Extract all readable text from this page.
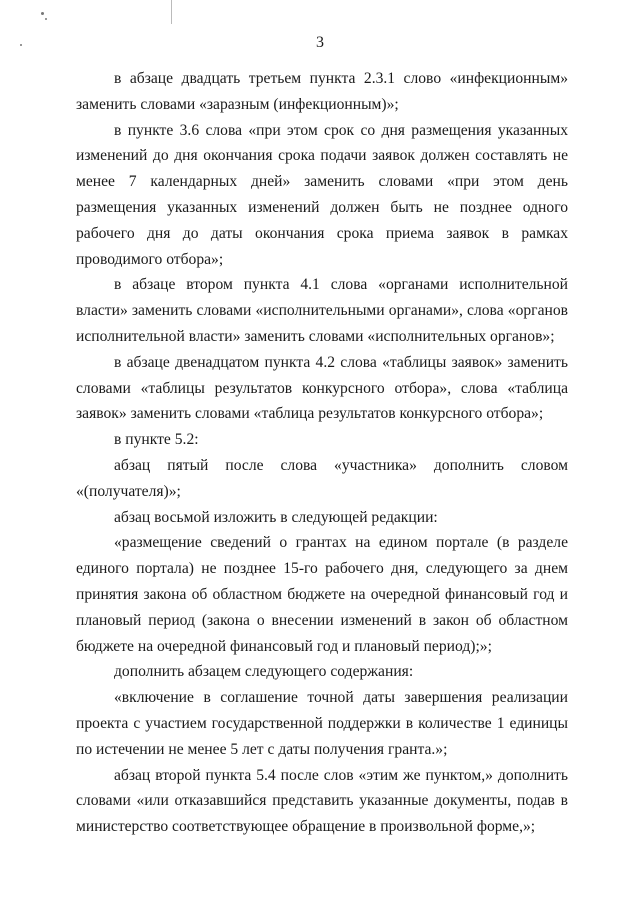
3

в абзаце двадцать третьем пункта 2.3.1 слово «инфекционным» заменить словами «заразным (инфекционным)»;

в пункте 3.6 слова «при этом срок со дня размещения указанных изменений до дня окончания срока подачи заявок должен составлять не менее 7 календарных дней» заменить словами «при этом день размещения указанных изменений должен быть не позднее одного рабочего дня до даты окончания срока приема заявок в рамках проводимого отбора»;

в абзаце втором пункта 4.1 слова «органами исполнительной власти» заменить словами «исполнительными органами», слова «органов исполнительной власти» заменить словами «исполнительных органов»;

в абзаце двенадцатом пункта 4.2 слова «таблицы заявок» заменить словами «таблицы результатов конкурсного отбора», слова «таблица заявок» заменить словами «таблица результатов конкурсного отбора»;

в пункте 5.2:

абзац пятый после слова «участника» дополнить словом «(получателя)»;

абзац восьмой изложить в следующей редакции:

«размещение сведений о грантах на едином портале (в разделе единого портала) не позднее 15-го рабочего дня, следующего за днем принятия закона об областном бюджете на очередной финансовый год и плановый период (закона о внесении изменений в закон об областном бюджете на очередной финансовый год и плановый период);»;

дополнить абзацем следующего содержания:

«включение в соглашение точной даты завершения реализации проекта с участием государственной поддержки в количестве 1 единицы по истечении не менее 5 лет с даты получения гранта.»;

абзац второй пункта 5.4 после слов «этим же пунктом,» дополнить словами «или отказавшийся представить указанные документы, подав в министерство соответствующее обращение в произвольной форме,»;
